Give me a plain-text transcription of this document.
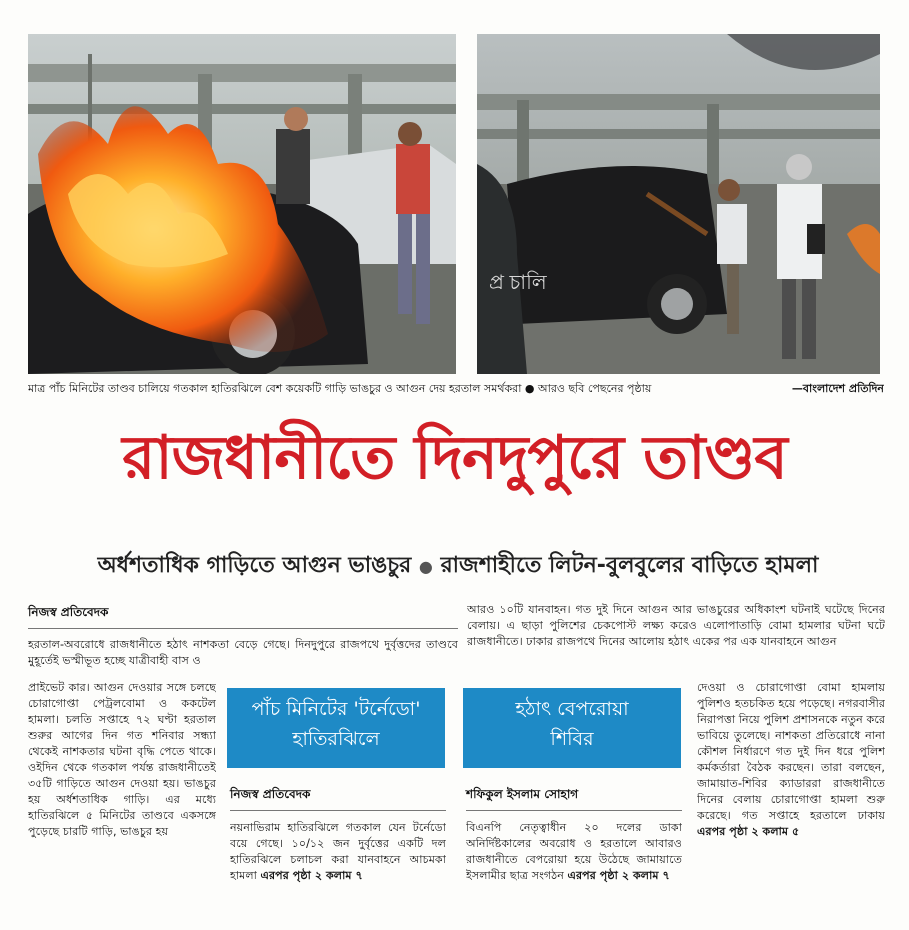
প্র চালি
মাত্র পাঁচ মিনিটের তাণ্ডব চালিয়ে গতকাল হাতিরঝিলে বেশ কয়েকটি গাড়ি ভাঙচুর ও আগুন দেয় হরতাল সমর্থকরা ● আরও ছবি পেছনের পৃষ্ঠায়	—বাংলাদেশ প্রতিদিন
রাজধানীতে দিনদুপুরে তাণ্ডব
অর্ধশতাধিক গাড়িতে আগুন ভাঙচুর ● রাজশাহীতে লিটন-বুলবুলের বাড়িতে হামলা
নিজস্ব প্রতিবেদক
হরতাল-অবরোধে রাজধানীতে হঠাৎ নাশকতা বেড়ে গেছে। দিনদুপুরে রাজপথে দুর্বৃত্তদের তাণ্ডবে মুহূর্তেই ভস্মীভূত হচ্ছে যাত্রীবাহী বাস ও
প্রাইভেট কার। আগুন দেওয়ার সঙ্গে চলছে চোরাগোপ্তা পেট্রলবোমা ও ককটেল হামলা। চলতি সপ্তাহে ৭২ ঘণ্টা হরতাল শুরুর আগের দিন গত শনিবার সন্ধ্যা থেকেই নাশকতার ঘটনা বৃদ্ধি পেতে থাকে। ওইদিন থেকে গতকাল পর্যন্ত রাজধানীতেই ৩৫টি গাড়িতে আগুন দেওয়া হয়। ভাঙচুর হয় অর্ধশতাধিক গাড়ি। এর মধ্যে হাতিরঝিলে ৫ মিনিটের তাণ্ডবে একসঙ্গে পুড়েছে চারটি গাড়ি, ভাঙচুর হয়
আরও ১০টি যানবাহন। গত দুই দিনে আগুন আর ভাঙচুরের অধিকাংশ ঘটনাই ঘটেছে দিনের বেলায়। এ ছাড়া পুলিশের চেকপোস্ট লক্ষ্য করেও এলোপাতাড়ি বোমা হামলার ঘটনা ঘটে রাজধানীতে। ঢাকার রাজপথে দিনের আলোয় হঠাৎ একের পর এক যানবাহনে আগুন
দেওয়া ও চোরাগোপ্তা বোমা হামলায় পুলিশও হতচকিত হয়ে পড়েছে। নগরবাসীর নিরাপত্তা নিয়ে পুলিশ প্রশাসনকে নতুন করে ভাবিয়ে তুলেছে। নাশকতা প্রতিরোধে নানা কৌশল নির্ধারণে গত দুই দিন ধরে পুলিশ কর্মকর্তারা বৈঠক করছেন। তারা বলছেন, জামায়াত-শিবির ক্যাডাররা রাজধানীতে দিনের বেলায় চোরাগোপ্তা হামলা শুরু করেছে। গত সপ্তাহে হরতালে ঢাকায় এরপর পৃষ্ঠা ২ কলাম ৫
পাঁচ মিনিটের 'টর্নেডো'
হাতিরঝিলে
নিজস্ব প্রতিবেদক
নয়নাভিরাম হাতিরঝিলে গতকাল যেন টর্নেডো বয়ে গেছে। ১০/১২ জন দুর্বৃত্তের একটি দল হাতিরঝিলে চলাচল করা যানবাহনে আচমকা হামলা এরপর পৃষ্ঠা ২ কলাম ৭
হঠাৎ বেপরোয়া
শিবির
শফিকুল ইসলাম সোহাগ
বিএনপি নেতৃত্বাধীন ২০ দলের ডাকা অনির্দিষ্টকালের অবরোধ ও হরতালে আবারও রাজধানীতে বেপরোয়া হয়ে উঠেছে জামায়াতে ইসলামীর ছাত্র সংগঠন এরপর পৃষ্ঠা ২ কলাম ৭
